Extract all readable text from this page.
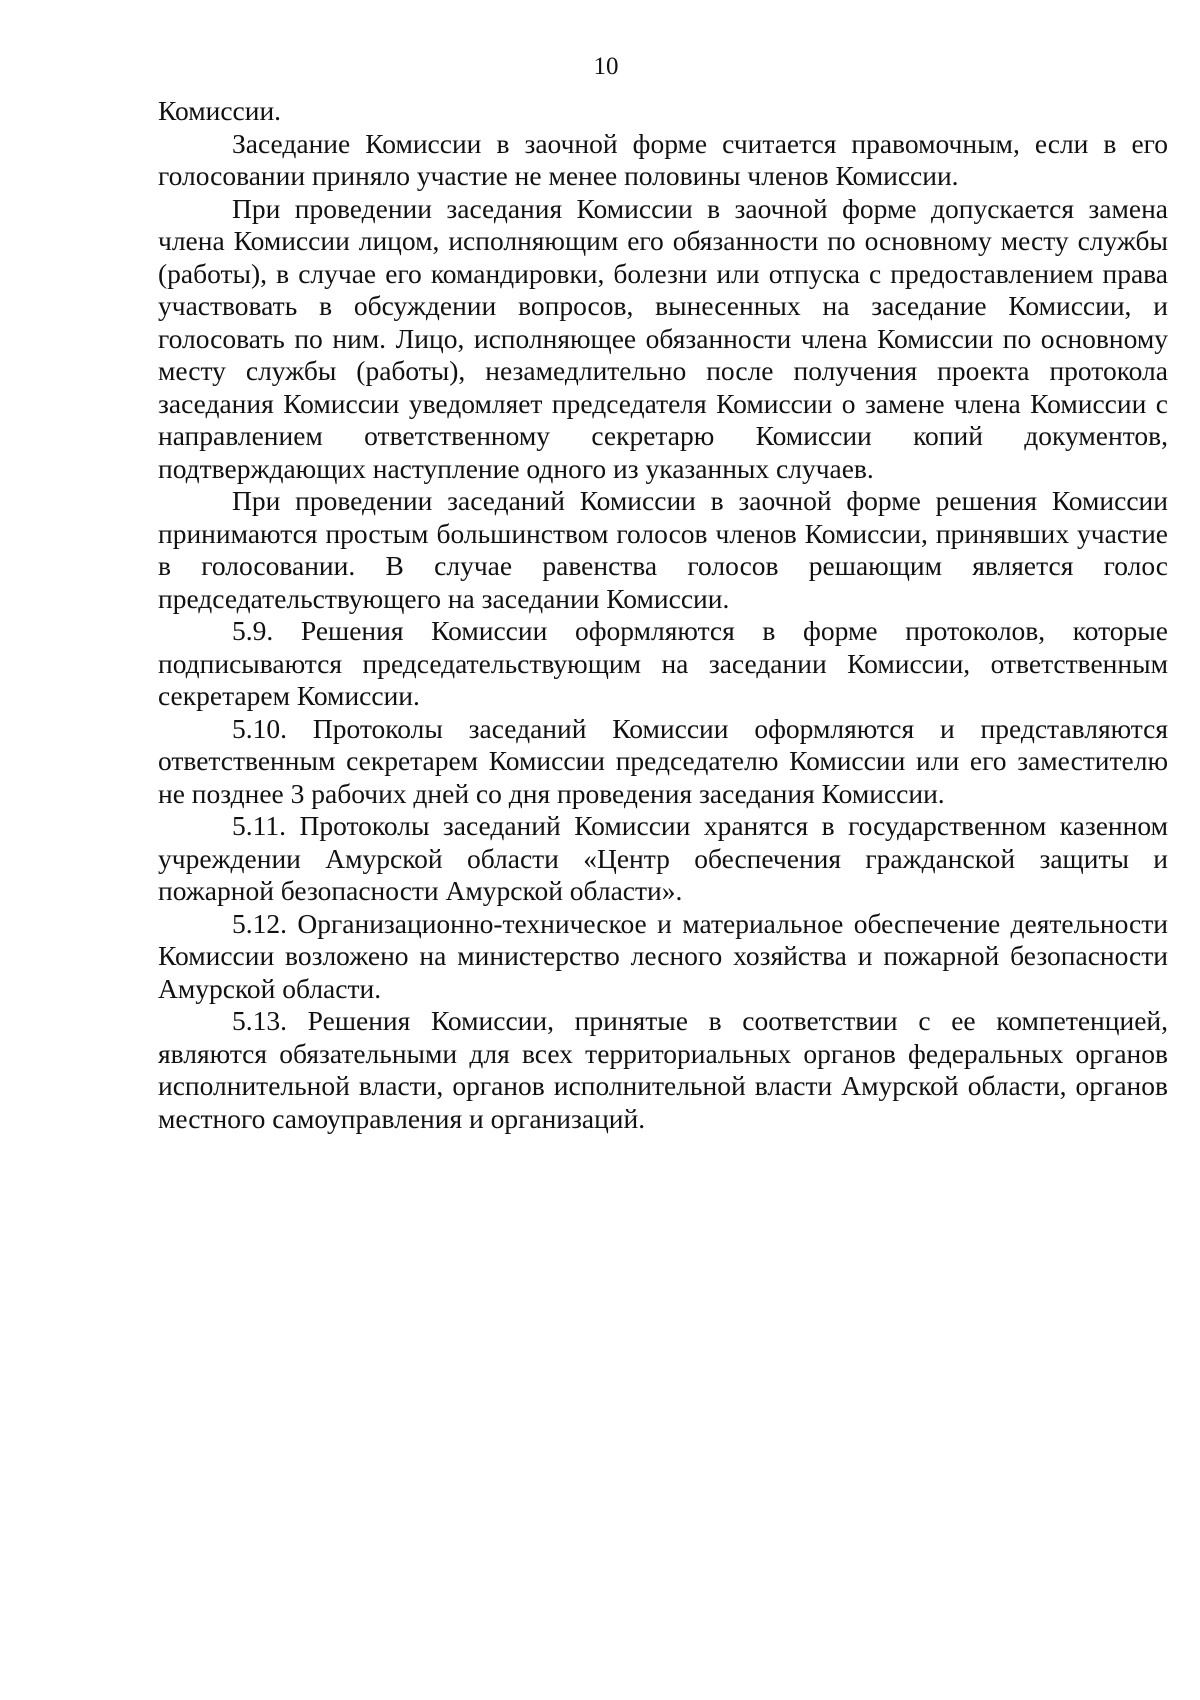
10

Комиссии.

Заседание Комиссии в заочной форме считается правомочным, если в его голосовании приняло участие не менее половины членов Комиссии.

При проведении заседания Комиссии в заочной форме допускается замена члена Комиссии лицом, исполняющим его обязанности по основному месту службы (работы), в случае его командировки, болезни или отпуска с предоставлением права участвовать в обсуждении вопросов, вынесенных на заседание Комиссии, и голосовать по ним. Лицо, исполняющее обязанности члена Комиссии по основному месту службы (работы), незамедлительно после получения проекта протокола заседания Комиссии уведомляет председателя Комиссии о замене члена Комиссии с направлением ответственному секретарю Комиссии копий документов, подтверждающих наступление одного из указанных случаев.

При проведении заседаний Комиссии в заочной форме решения Комиссии принимаются простым большинством голосов членов Комиссии, принявших участие в голосовании. В случае равенства голосов решающим является голос председательствующего на заседании Комиссии.

5.9. Решения Комиссии оформляются в форме протоколов, которые подписываются председательствующим на заседании Комиссии, ответственным секретарем Комиссии.

5.10. Протоколы заседаний Комиссии оформляются и представляются ответственным секретарем Комиссии председателю Комиссии или его заместителю не позднее 3 рабочих дней со дня проведения заседания Комиссии.

5.11. Протоколы заседаний Комиссии хранятся в государственном казенном учреждении Амурской области «Центр обеспечения гражданской защиты и пожарной безопасности Амурской области».

5.12. Организационно-техническое и материальное обеспечение деятельности Комиссии возложено на министерство лесного хозяйства и пожарной безопасности Амурской области.

5.13. Решения Комиссии, принятые в соответствии с ее компетенцией, являются обязательными для всех территориальных органов федеральных органов исполнительной власти, органов исполнительной власти Амурской области, органов местного самоуправления и организаций.
